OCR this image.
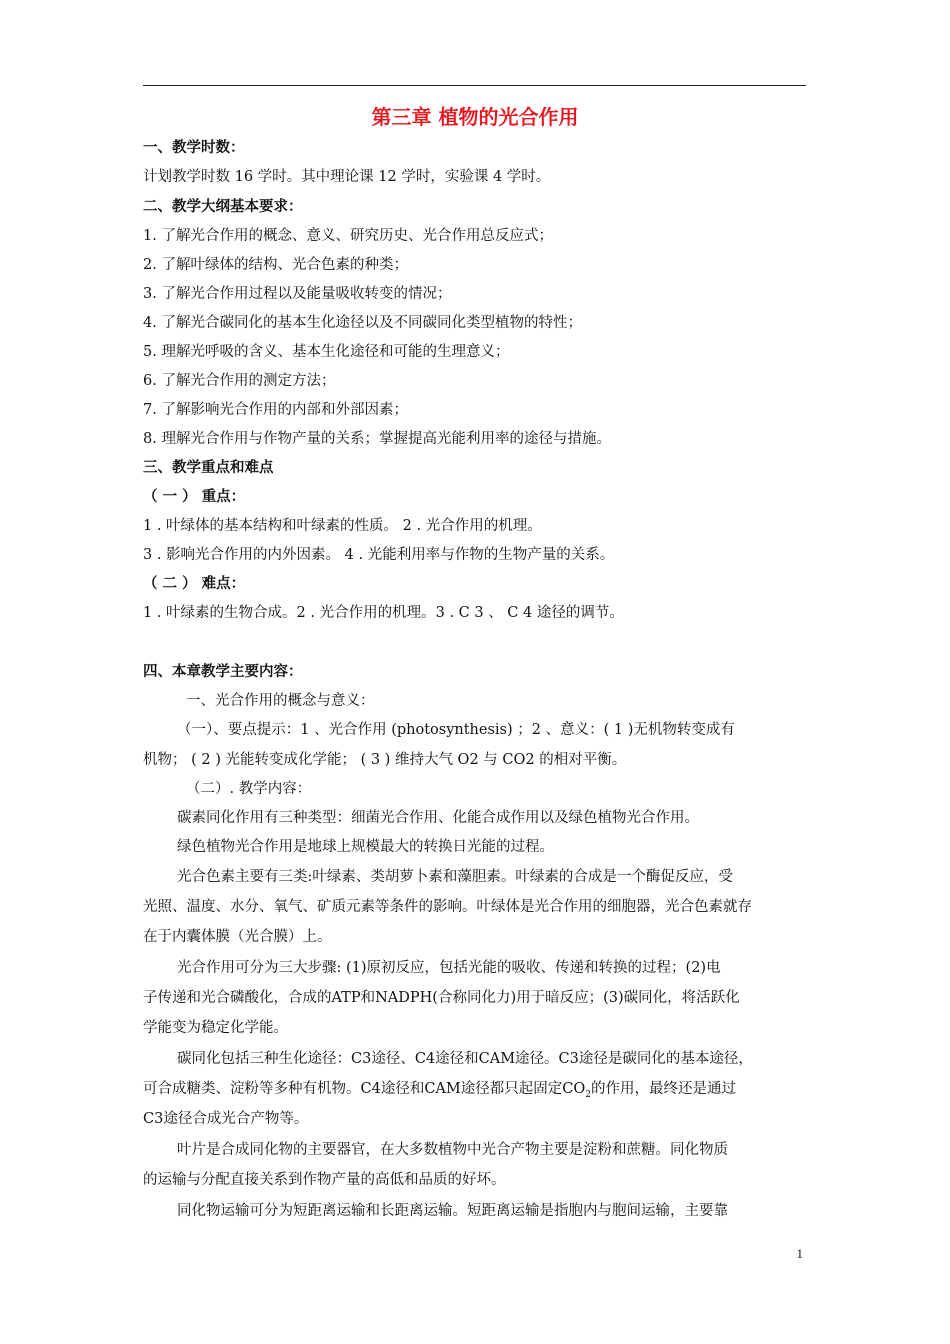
第三章 植物的光合作用
一、教学时数：
计划教学时数 16 学时。其中理论课 12 学时，实验课 4 学时。
二、教学大纲基本要求：
1. 了解光合作用的概念、意义、研究历史、光合作用总反应式；
2. 了解叶绿体的结构、光合色素的种类；
3. 了解光合作用过程以及能量吸收转变的情况；
4. 了解光合碳同化的基本生化途径以及不同碳同化类型植物的特性；
5. 理解光呼吸的含义、基本生化途径和可能的生理意义；
6. 了解光合作用的测定方法；
7. 了解影响光合作用的内部和外部因素；
8. 理解光合作用与作物产量的关系；掌握提高光能利用率的途径与措施。
三、教学重点和难点
（ 一 ） 重点：
1 . 叶绿体的基本结构和叶绿素的性质。 2 . 光合作用的机理。
3 . 影响光合作用的内外因素。 4 . 光能利用率与作物的生物产量的关系。
（ 二 ） 难点：
1 . 叶绿素的生物合成。2 . 光合作用的机理。3 . C 3 、 C 4 途径的调节。
四、本章教学主要内容：
一、光合作用的概念与意义：
（一）、要点提示：1 、光合作用 (photosynthesis) ；2 、意义：( 1 )无机物转变成有
机物； ( 2 ) 光能转变成化学能； ( 3 ) 维持大气 O2 与 CO2 的相对平衡。
（二）. 教学内容：
碳素同化作用有三种类型：细菌光合作用、化能合成作用以及绿色植物光合作用。
绿色植物光合作用是地球上规模最大的转换日光能的过程。
光合色素主要有三类:叶绿素、类胡萝卜素和藻胆素。叶绿素的合成是一个酶促反应，受
光照、温度、水分、氧气、矿质元素等条件的影响。叶绿体是光合作用的细胞器，光合色素就存
在于内囊体膜（光合膜）上。
光合作用可分为三大步骤: (1)原初反应，包括光能的吸收、传递和转换的过程；(2)电
子传递和光合磷酸化，合成的ATP和NADPH(合称同化力)用于暗反应；(3)碳同化，将活跃化
学能变为稳定化学能。
碳同化包括三种生化途径：C3途径、C4途径和CAM途径。C3途径是碳同化的基本途径，
可合成糖类、淀粉等多种有机物。C4途径和CAM途径都只起固定$CO_2$的作用，最终还是通过
C3途径合成光合产物等。
叶片是合成同化物的主要器官，在大多数植物中光合产物主要是淀粉和蔗糖。同化物质
的运输与分配直接关系到作物产量的高低和品质的好坏。
同化物运输可分为短距离运输和长距离运输。短距离运输是指胞内与胞间运输，主要靠
1
